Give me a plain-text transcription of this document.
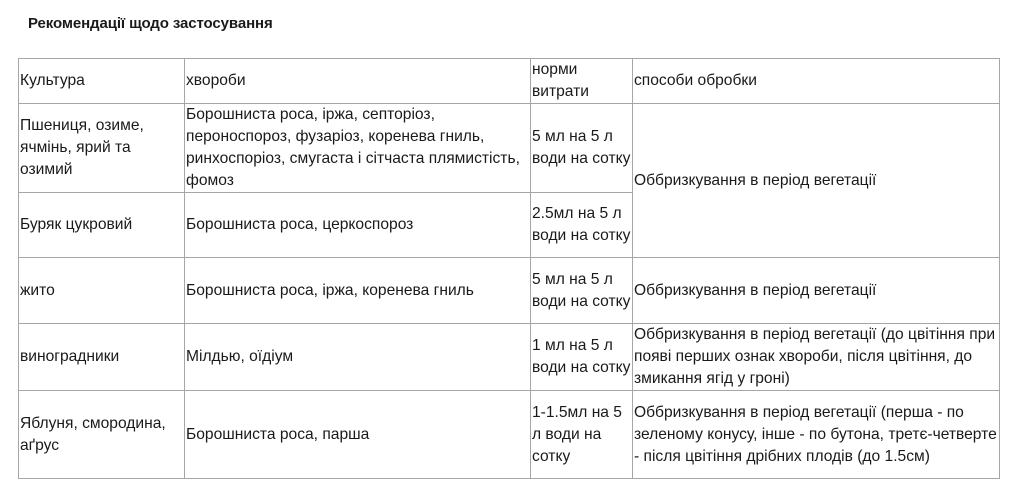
Рекомендації щодо застосування
Культура	хвороби	норми витрати	способи обробки
Пшениця, озиме, ячмінь, ярий та озимий	Борошниста роса, іржа, септоріоз, пероноспороз, фузаріоз, коренева гниль, ринхоспоріоз, смугаста і сітчаста плямистість, фомоз	5 мл на 5 л води на сотку	Оббризкування в період вегетації
Буряк цукровий	Борошниста роса, церкоспороз	2.5мл на 5 л води на сотку	
жито	Борошниста роса, іржа, коренева гниль	5 мл на 5 л води на сотку	Оббризкування в період вегетації
виноградники	Мілдью, оїдіум	1 мл на 5 л води на сотку	Оббризкування в період вегетації (до цвітіння при появі перших ознак хвороби, після цвітіння, до змикання ягід у гроні)
Яблуня, смородина, аґрус	Борошниста роса, парша	1-1.5мл на 5 л води на сотку	Оббризкування в період вегетації (перша - по зеленому конусу, інше - по бутона, третє-четверте - після цвітіння дрібних плодів (до 1.5см)
